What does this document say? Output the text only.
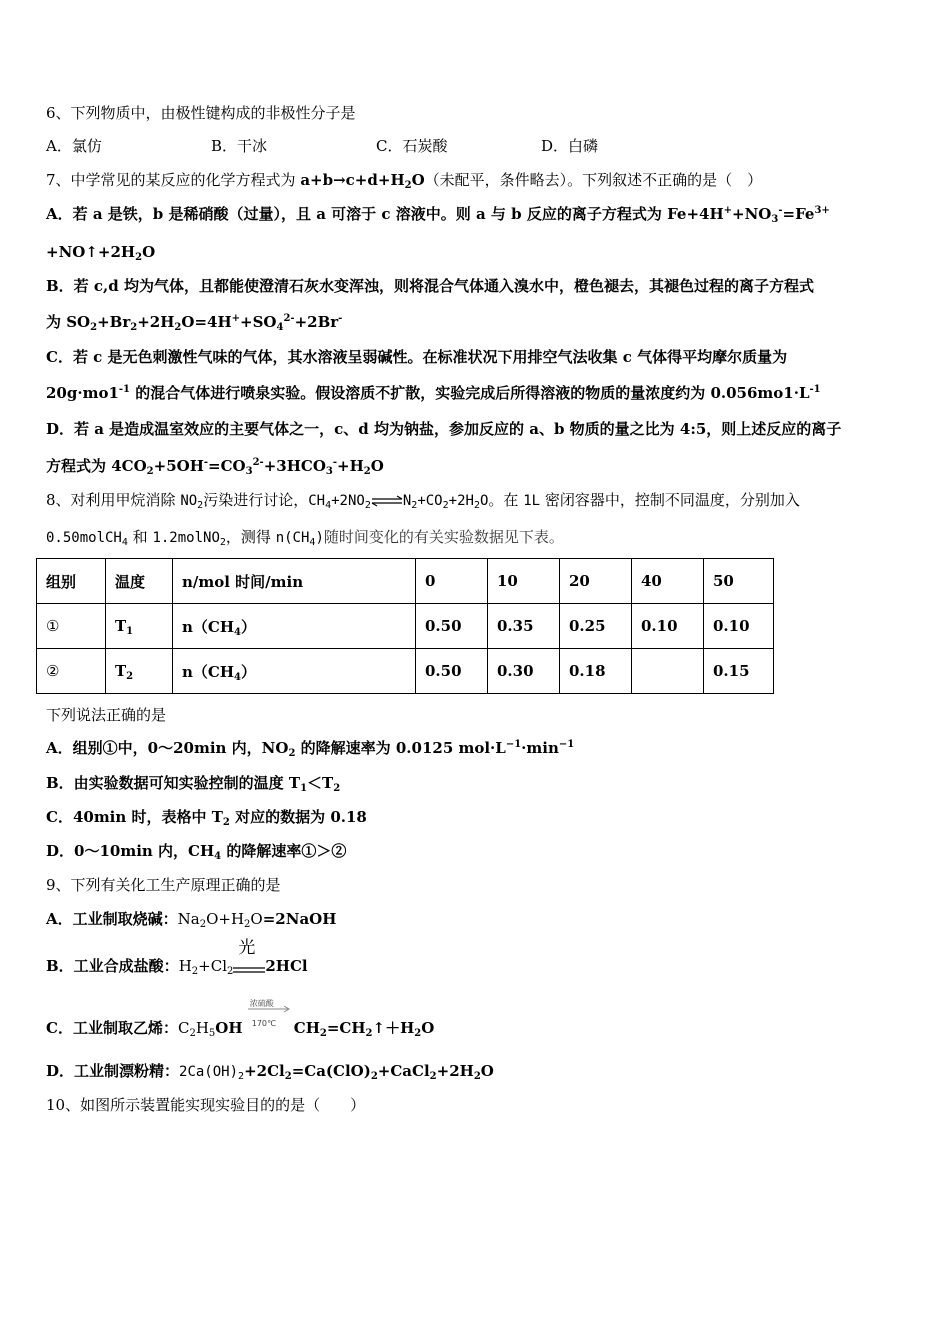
6、下列物质中，由极性键构成的非极性分子是
A．氯仿	B．干冰	C．石炭酸	D．白磷
7、中学常见的某反应的化学方程式为 $a+b\to c+d+H_2O$（未配平，条件略去）。下列叙述不正确的是（　）
A．若 a 是铁，b 是稀硝酸（过量），且 a 可溶于 c 溶液中。则 a 与 b 反应的离子方程式为 $Fe+4H^++NO_3^-=Fe^{3+}$
$+NO↑+2H_2O$
B．若 c,d 均为气体，且都能使澄清石灰水变浑浊，则将混合气体通入溴水中，橙色褪去，其褪色过程的离子方程式
为 $SO_2+Br_2+2H_2O=4H^++SO_4^{2-}+2Br^-$
C．若 c 是无色刺激性气味的气体，其水溶液呈弱碱性。在标准状况下用排空气法收集 c 气体得平均摩尔质量为
$20g\cdot mo1^{-1}$ 的混合气体进行喷泉实验。假设溶质不扩散，实验完成后所得溶液的物质的量浓度约为 $0.056mo1\cdot L^{-1}$
D．若 a 是造成温室效应的主要气体之一，c、d 均为钠盐，参加反应的 a、b 物质的量之比为 4:5，则上述反应的离子
方程式为 $4CO_2+5OH^-=CO_3^{2-}+3HCO_3^-+H_2O$
8、对利用甲烷消除 $NO_2$污染进行讨论，$CH_4+2NO_2\rightleftharpoons N_2+CO_2+2H_2O$。在 1L 密闭容器中，控制不同温度，分别加入
0.50molCH$_4$ 和 1.2molNO$_2$，测得 $n(CH_4)$随时间变化的有关实验数据见下表。
组别	温度	n/mol 时间/min	0	10	20	40	50
①	$T_1$	$n(CH_4)$	0.50	0.35	0.25	0.10	0.10
②	$T_2$	$n(CH_4)$	0.50	0.30	0.18		0.15
下列说法正确的是
A．组别①中，0～20min 内，$NO_2$ 的降解速率为 0.0125 $mol\cdot L^{-1}\cdot\min^{-1}$
B．由实验数据可知实验控制的温度 $T_1<T_2$
C．40min 时，表格中 $T_2$ 对应的数据为 0.18
D．0～10min 内，$CH_4$ 的降解速率①＞②
9、下列有关化工生产原理正确的是
A．工业制取烧碱：$Na_2O+H_2O=2NaOH$
B．工业合成盐酸：$H_2+Cl_2$
光
2HCl
C．工业制取乙烯：$C_2H_5OH$
浓硫酸
170℃ $CH_2=CH_2↑+H_2O$
D．工业制漂粉精：$2Ca(OH)_2+2Cl_2=Ca(ClO)_2+CaCl_2+2H_2O$
10、如图所示装置能实现实验目的的是（　　）
